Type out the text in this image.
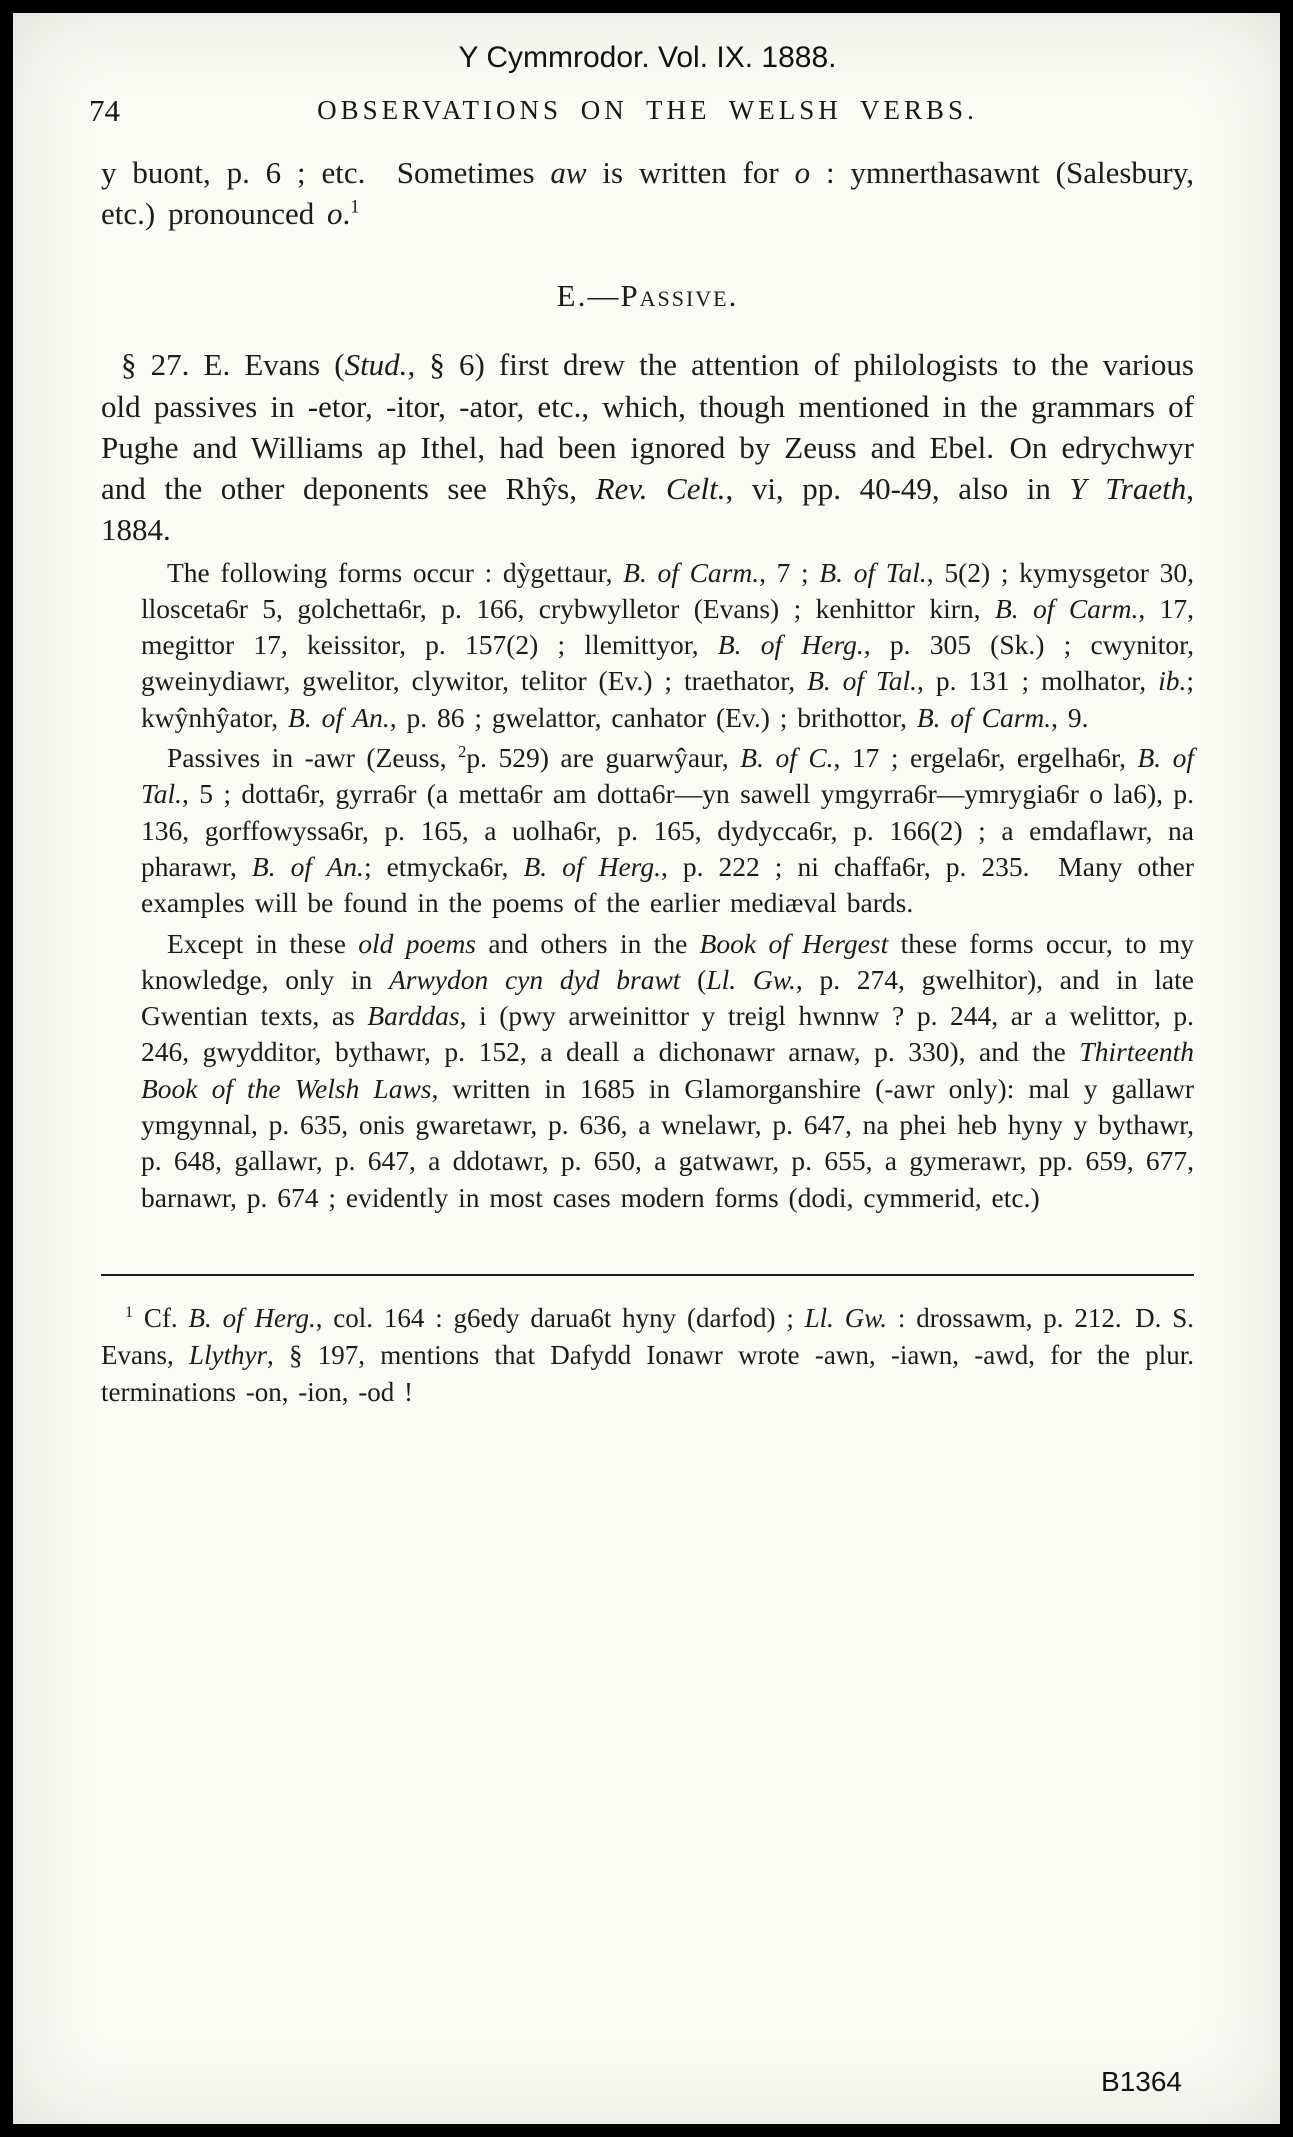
Y Cymmrodor. Vol. IX. 1888.
74	OBSERVATIONS ON THE WELSH VERBS.

y buont, p. 6 ; etc.  Sometimes aw is written for o : ymnerthasawnt (Salesbury, etc.) pronounced o.$^1$

E.—Passive.

§ 27. E. Evans (Stud., § 6) first drew the attention of philologists to the various old passives in -etor, -itor, -ator, etc., which, though mentioned in the grammars of Pughe and Williams ap Ithel, had been ignored by Zeuss and Ebel. On edrychwyr and the other deponents see Rhŷs, Rev. Celt., vi, pp. 40-49, also in Y Traeth, 1884.

The following forms occur : dỳgettaur, B. of Carm., 7 ; B. of Tal., 5(2) ; kymysgetor 30, llosceta6r 5, golchetta6r, p. 166, crybwylletor (Evans) ; kenhittor kirn, B. of Carm., 17, megittor 17, keissitor, p. 157(2) ; llemittyor, B. of Herg., p. 305 (Sk.) ; cwynitor, gweinydiawr, gwelitor, clywitor, telitor (Ev.) ; traethator, B. of Tal., p. 131 ; molhator, ib.; kwŷnhŷator, B. of An., p. 86 ; gwelattor, canhator (Ev.) ; brithottor, B. of Carm., 9.

Passives in -awr (Zeuss, $^2$p. 529) are guarwŷaur, B. of C., 17 ; ergela6r, ergelha6r, B. of Tal., 5 ; dotta6r, gyrra6r (a metta6r am dotta6r—yn sawell ymgyrra6r—ymrygia6r o la6), p. 136, gorffowyssa6r, p. 165, a uolha6r, p. 165, dydycca6r, p. 166(2) ; a emdaflawr, na pharawr, B. of An.; etmycka6r, B. of Herg., p. 222 ; ni chaffa6r, p. 235.  Many other examples will be found in the poems of the earlier mediæval bards.

Except in these old poems and others in the Book of Hergest these forms occur, to my knowledge, only in Arwydon cyn dyd brawt (Ll. Gw., p. 274, gwelhitor), and in late Gwentian texts, as Barddas, i (pwy arweinittor y treigl hwnnw ? p. 244, ar a welittor, p. 246, gwydditor, bythawr, p. 152, a deall a dichonawr arnaw, p. 330), and the Thirteenth Book of the Welsh Laws, written in 1685 in Glamorganshire (-awr only): mal y gallawr ymgynnal, p. 635, onis gwaretawr, p. 636, a wnelawr, p. 647, na phei heb hyny y bythawr, p. 648, gallawr, p. 647, a ddotawr, p. 650, a gatwawr, p. 655, a gymerawr, pp. 659, 677, barnawr, p. 674 ; evidently in most cases modern forms (dodi, cymmerid, etc.)

$^1$ Cf. B. of Herg., col. 164 : g6edy darua6t hyny (darfod) ; Ll. Gw. : drossawm, p. 212. D. S. Evans, Llythyr, § 197, mentions that Dafydd Ionawr wrote -awn, -iawn, -awd, for the plur. terminations -on, -ion, -od !

B1364
